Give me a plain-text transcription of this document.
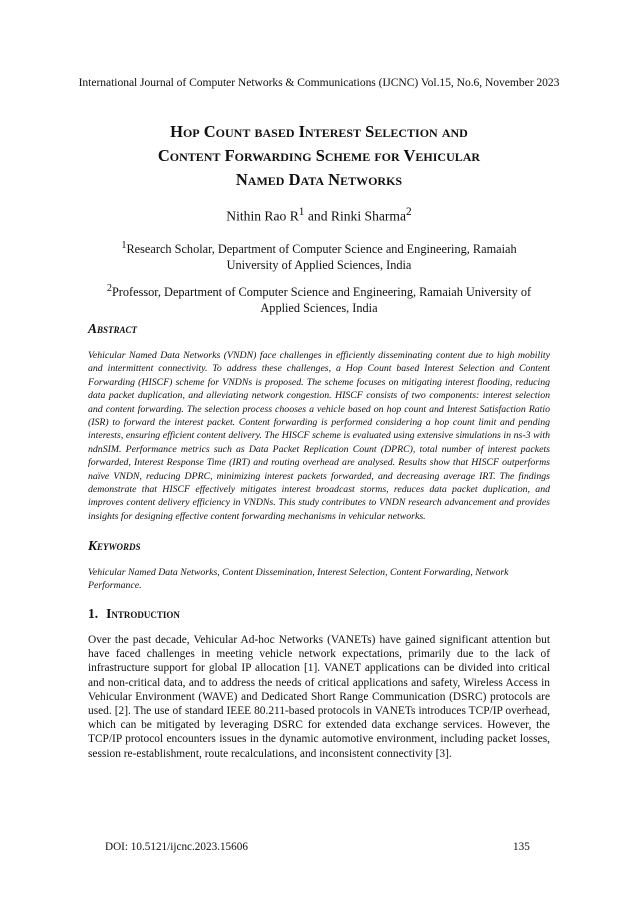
International Journal of Computer Networks & Communications (IJCNC) Vol.15, No.6, November 2023
Hop Count based Interest Selection and
Content Forwarding Scheme for Vehicular
Named Data Networks
Nithin Rao $R^1$ and Rinki Sharma$^2$
$^1$Research Scholar, Department of Computer Science and Engineering, Ramaiah University of Applied Sciences, India
$^2$Professor, Department of Computer Science and Engineering, Ramaiah University of Applied Sciences, India
Abstract
Vehicular Named Data Networks (VNDN) face challenges in efficiently disseminating content due to high mobility and intermittent connectivity. To address these challenges, a Hop Count based Interest Selection and Content Forwarding (HISCF) scheme for VNDNs is proposed. The scheme focuses on mitigating interest flooding, reducing data packet duplication, and alleviating network congestion. HISCF consists of two components: interest selection and content forwarding. The selection process chooses a vehicle based on hop count and Interest Satisfaction Ratio (ISR) to forward the interest packet. Content forwarding is performed considering a hop count limit and pending interests, ensuring efficient content delivery. The HISCF scheme is evaluated using extensive simulations in ns-3 with ndnSIM. Performance metrics such as Data Packet Replication Count (DPRC), total number of interest packets forwarded, Interest Response Time (IRT) and routing overhead are analysed. Results show that HISCF outperforms naïve VNDN, reducing DPRC, minimizing interest packets forwarded, and decreasing average IRT. The findings demonstrate that HISCF effectively mitigates interest broadcast storms, reduces data packet duplication, and improves content delivery efficiency in VNDNs. This study contributes to VNDN research advancement and provides insights for designing effective content forwarding mechanisms in vehicular networks.
Keywords
Vehicular Named Data Networks, Content Dissemination, Interest Selection, Content Forwarding, Network Performance.
1. Introduction
Over the past decade, Vehicular Ad-hoc Networks (VANETs) have gained significant attention but have faced challenges in meeting vehicle network expectations, primarily due to the lack of infrastructure support for global IP allocation [1]. VANET applications can be divided into critical and non-critical data, and to address the needs of critical applications and safety, Wireless Access in Vehicular Environment (WAVE) and Dedicated Short Range Communication (DSRC) protocols are used. [2]. The use of standard IEEE 80.211-based protocols in VANETs introduces TCP/IP overhead, which can be mitigated by leveraging DSRC for extended data exchange services. However, the TCP/IP protocol encounters issues in the dynamic automotive environment, including packet losses, session re-establishment, route recalculations, and inconsistent connectivity [3].
DOI: 10.5121/ijcnc.2023.15606	135
